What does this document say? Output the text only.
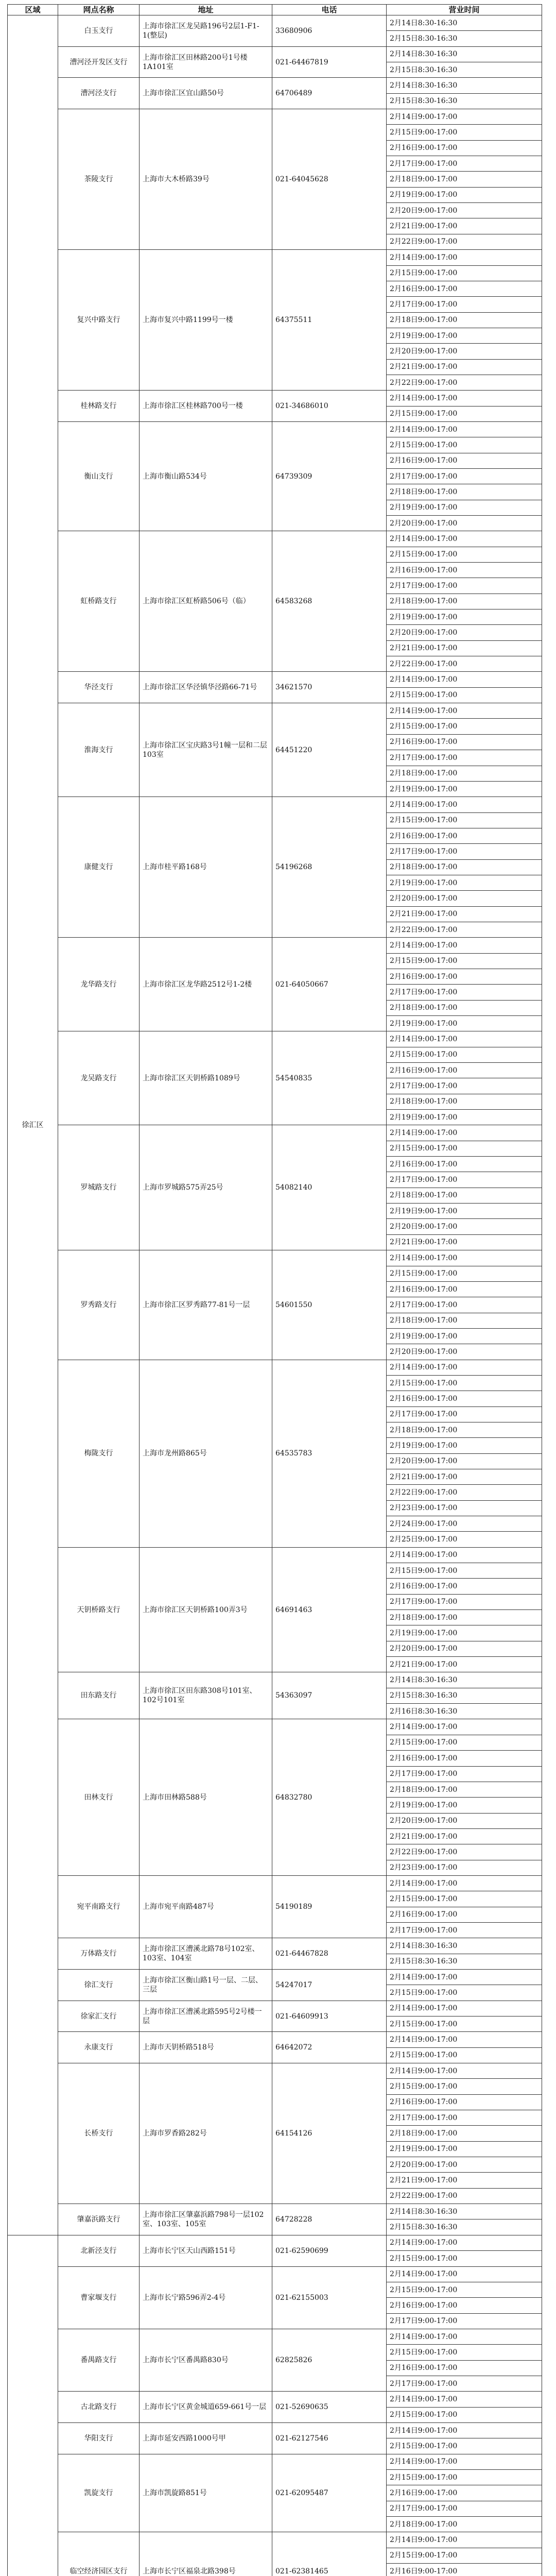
区域	网点名称	地址	电话	营业时间
徐汇区	白玉支行	上海市徐汇区龙吴路196号2层1-F1-1(整层)	33680906	2月14日8:30-16:30
				2月15日8:30-16:30
	漕河泾开发区支行	上海市徐汇区田林路200号1号楼1A101室	021-64467819	2月14日8:30-16:30
				2月15日8:30-16:30
	漕河泾支行	上海市徐汇区宜山路50号	64706489	2月14日8:30-16:30
				2月15日8:30-16:30
	茶陵支行	上海市大木桥路39号	021-64045628	2月14日9:00-17:00
				2月15日9:00-17:00
				2月16日9:00-17:00
				2月17日9:00-17:00
				2月18日9:00-17:00
				2月19日9:00-17:00
				2月20日9:00-17:00
				2月21日9:00-17:00
				2月22日9:00-17:00
	复兴中路支行	上海市复兴中路1199号一楼	64375511	2月14日9:00-17:00
				2月15日9:00-17:00
				2月16日9:00-17:00
				2月17日9:00-17:00
				2月18日9:00-17:00
				2月19日9:00-17:00
				2月20日9:00-17:00
				2月21日9:00-17:00
				2月22日9:00-17:00
	桂林路支行	上海市徐汇区桂林路700号一楼	021-34686010	2月14日9:00-17:00
				2月15日9:00-17:00
	衡山支行	上海市衡山路534号	64739309	2月14日9:00-17:00
				2月15日9:00-17:00
				2月16日9:00-17:00
				2月17日9:00-17:00
				2月18日9:00-17:00
				2月19日9:00-17:00
				2月20日9:00-17:00
	虹桥路支行	上海市徐汇区虹桥路506号（临）	64583268	2月14日9:00-17:00
				2月15日9:00-17:00
				2月16日9:00-17:00
				2月17日9:00-17:00
				2月18日9:00-17:00
				2月19日9:00-17:00
				2月20日9:00-17:00
				2月21日9:00-17:00
				2月22日9:00-17:00
	华泾支行	上海市徐汇区华泾镇华泾路66-71号	34621570	2月14日9:00-17:00
				2月15日9:00-17:00
	淮海支行	上海市徐汇区宝庆路3号1幢一层和二层103室	64451220	2月14日9:00-17:00
				2月15日9:00-17:00
				2月16日9:00-17:00
				2月17日9:00-17:00
				2月18日9:00-17:00
				2月19日9:00-17:00
	康健支行	上海市桂平路168号	54196268	2月14日9:00-17:00
				2月15日9:00-17:00
				2月16日9:00-17:00
				2月17日9:00-17:00
				2月18日9:00-17:00
				2月19日9:00-17:00
				2月20日9:00-17:00
				2月21日9:00-17:00
				2月22日9:00-17:00
	龙华路支行	上海市徐汇区龙华路2512号1-2楼	021-64050667	2月14日9:00-17:00
				2月15日9:00-17:00
				2月16日9:00-17:00
				2月17日9:00-17:00
				2月18日9:00-17:00
				2月19日9:00-17:00
	龙吴路支行	上海市徐汇区天钥桥路1089号	54540835	2月14日9:00-17:00
				2月15日9:00-17:00
				2月16日9:00-17:00
				2月17日9:00-17:00
				2月18日9:00-17:00
				2月19日9:00-17:00
	罗城路支行	上海市罗城路575弄25号	54082140	2月14日9:00-17:00
				2月15日9:00-17:00
				2月16日9:00-17:00
				2月17日9:00-17:00
				2月18日9:00-17:00
				2月19日9:00-17:00
				2月20日9:00-17:00
				2月21日9:00-17:00
	罗秀路支行	上海市徐汇区罗秀路77-81号一层	54601550	2月14日9:00-17:00
				2月15日9:00-17:00
				2月16日9:00-17:00
				2月17日9:00-17:00
				2月18日9:00-17:00
				2月19日9:00-17:00
				2月20日9:00-17:00
	梅陇支行	上海市龙州路865号	64535783	2月14日9:00-17:00
				2月15日9:00-17:00
				2月16日9:00-17:00
				2月17日9:00-17:00
				2月18日9:00-17:00
				2月19日9:00-17:00
				2月20日9:00-17:00
				2月21日9:00-17:00
				2月22日9:00-17:00
				2月23日9:00-17:00
				2月24日9:00-17:00
				2月25日9:00-17:00
	天钥桥路支行	上海市徐汇区天钥桥路100弄3号	64691463	2月14日9:00-17:00
				2月15日9:00-17:00
				2月16日9:00-17:00
				2月17日9:00-17:00
				2月18日9:00-17:00
				2月19日9:00-17:00
				2月20日9:00-17:00
				2月21日9:00-17:00
	田东路支行	上海市徐汇区田东路308号101室、102号101室	54363097	2月14日8:30-16:30
				2月15日8:30-16:30
				2月16日8:30-16:30
	田林支行	上海市田林路588号	64832780	2月14日9:00-17:00
				2月15日9:00-17:00
				2月16日9:00-17:00
				2月17日9:00-17:00
				2月18日9:00-17:00
				2月19日9:00-17:00
				2月20日9:00-17:00
				2月21日9:00-17:00
				2月22日9:00-17:00
				2月23日9:00-17:00
	宛平南路支行	上海市宛平南路487号	54190189	2月14日9:00-17:00
				2月15日9:00-17:00
				2月16日9:00-17:00
				2月17日9:00-17:00
	万体路支行	上海市徐汇区漕溪北路78号102室、103室、104室	021-64467828	2月14日8:30-16:30
				2月15日8:30-16:30
	徐汇支行	上海市徐汇区衡山路1号一层、二层、三层	54247017	2月14日9:00-17:00
				2月15日9:00-17:00
	徐家汇支行	上海市徐汇区漕溪北路595号2号楼一层	021-64609913	2月14日9:00-17:00
				2月15日9:00-17:00
	永康支行	上海市天钥桥路518号	64642072	2月14日9:00-17:00
				2月15日9:00-17:00
	长桥支行	上海市罗香路282号	64154126	2月14日9:00-17:00
				2月15日9:00-17:00
				2月16日9:00-17:00
				2月17日9:00-17:00
				2月18日9:00-17:00
				2月19日9:00-17:00
				2月20日9:00-17:00
				2月21日9:00-17:00
				2月22日9:00-17:00
	肇嘉浜路支行	上海市徐汇区肇嘉浜路798号一层102室、103室、105室	64728228	2月14日8:30-16:30
				2月15日8:30-16:30
	北新泾支行	上海市长宁区天山西路151号	021-62590699	2月14日9:00-17:00
				2月15日9:00-17:00
	曹家堰支行	上海市长宁路596弄2-4号	021-62155003	2月14日9:00-17:00
				2月15日9:00-17:00
				2月16日9:00-17:00
				2月17日9:00-17:00
	番禺路支行	上海市长宁区番禺路830号	62825826	2月14日9:00-17:00
				2月15日9:00-17:00
				2月16日9:00-17:00
				2月17日9:00-17:00
	古北路支行	上海市长宁区黄金城道659-661号一层	021-52690635	2月14日9:00-17:00
				2月15日9:00-17:00
	华阳支行	上海市延安西路1000号甲	021-62127546	2月14日9:00-17:00
				2月15日9:00-17:00
	凯旋支行	上海市凯旋路851号	021-62095487	2月14日9:00-17:00
				2月15日9:00-17:00
				2月16日9:00-17:00
				2月17日9:00-17:00
				2月18日9:00-17:00
	临空经济园区支行	上海市长宁区福泉北路398号	021-62381465	2月14日9:00-17:00
				2月15日9:00-17:00
				2月16日9:00-17:00
